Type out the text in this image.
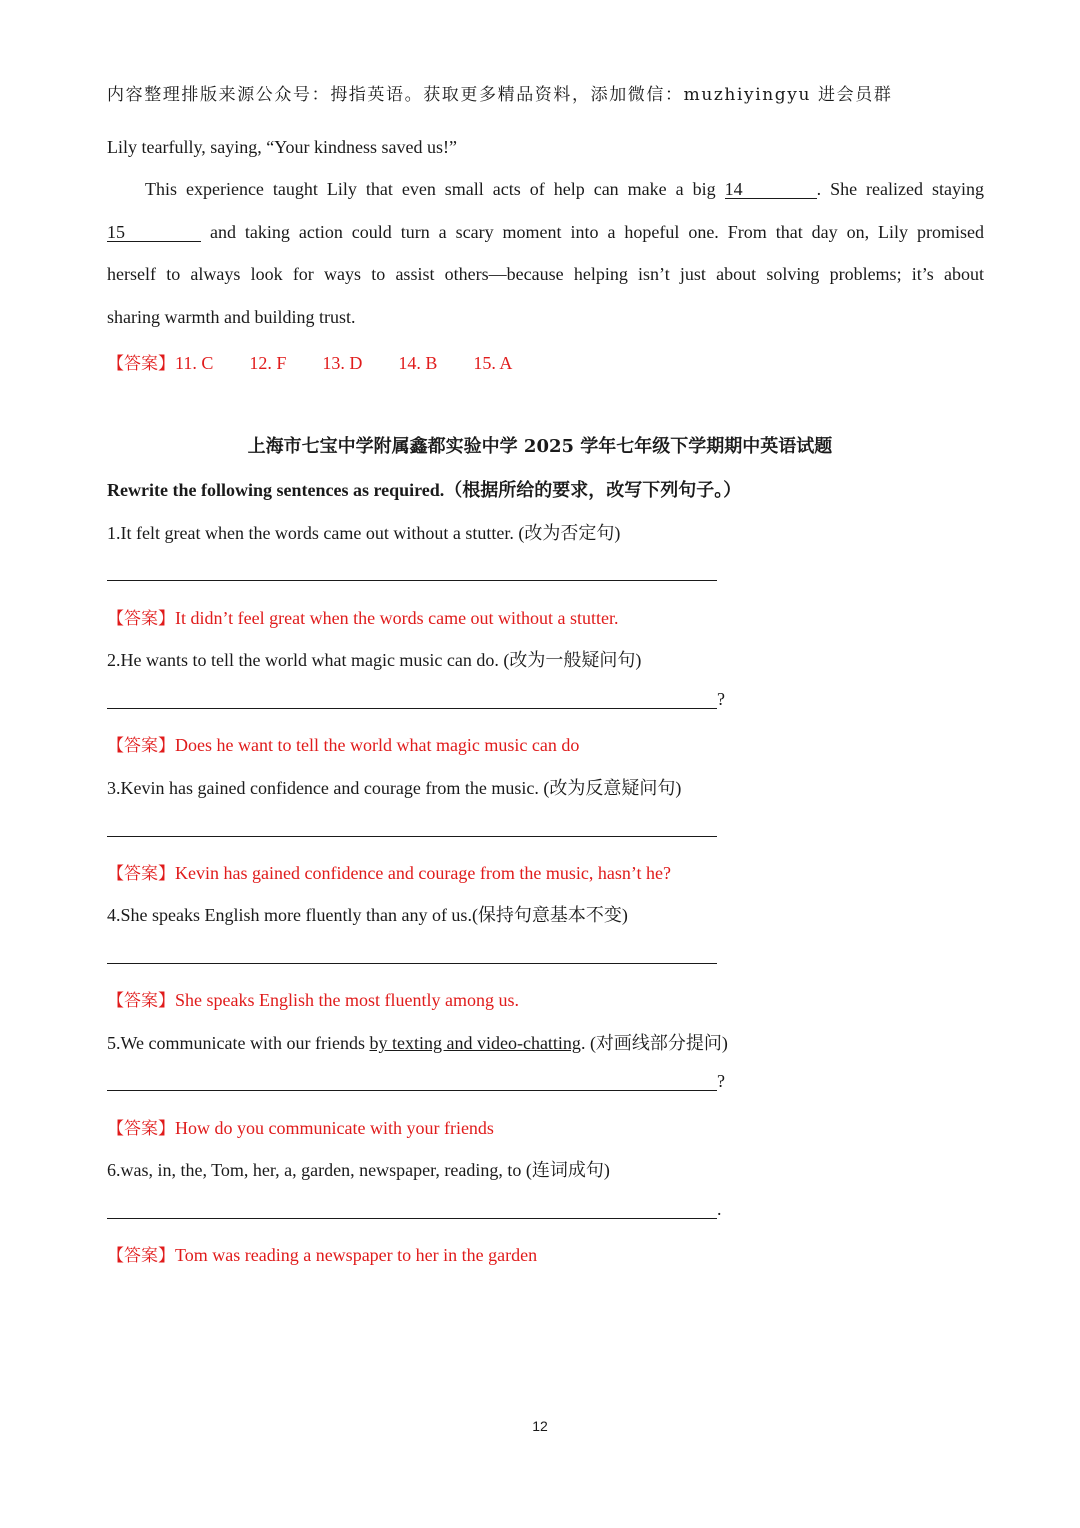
内容整理排版来源公众号：拇指英语。获取更多精品资料，添加微信：muzhiyingyu 进会员群
Lily tearfully, saying, “Your kindness saved us!”
This experience taught Lily that even small acts of help can make a big 14	. She realized staying
15	and taking action could turn a scary moment into a hopeful one. From that day on, Lily promised
herself to always look for ways to assist others—because helping isn’t just about solving problems; it’s about
sharing warmth and building trust.
【答案】11. C 12. F 13. D 14. B 15. A
上海市七宝中学附属鑫都实验中学 2025 学年七年级下学期期中英语试题
Rewrite the following sentences as required.（根据所给的要求，改写下列句子。）
1.It felt great when the words came out without a stutter. (改为否定句)
【答案】It didn’t feel great when the words came out without a stutter.
2.He wants to tell the world what magic music can do. (改为一般疑问句)
?
【答案】Does he want to tell the world what magic music can do
3.Kevin has gained confidence and courage from the music. (改为反意疑问句)
【答案】Kevin has gained confidence and courage from the music, hasn’t he?
4.She speaks English more fluently than any of us.(保持句意基本不变)
【答案】She speaks English the most fluently among us.
5.We communicate with our friends by texting and video-chatting. (对画线部分提问)
?
【答案】How do you communicate with your friends
6.was, in, the, Tom, her, a, garden, newspaper, reading, to (连词成句)
.
【答案】Tom was reading a newspaper to her in the garden
12
